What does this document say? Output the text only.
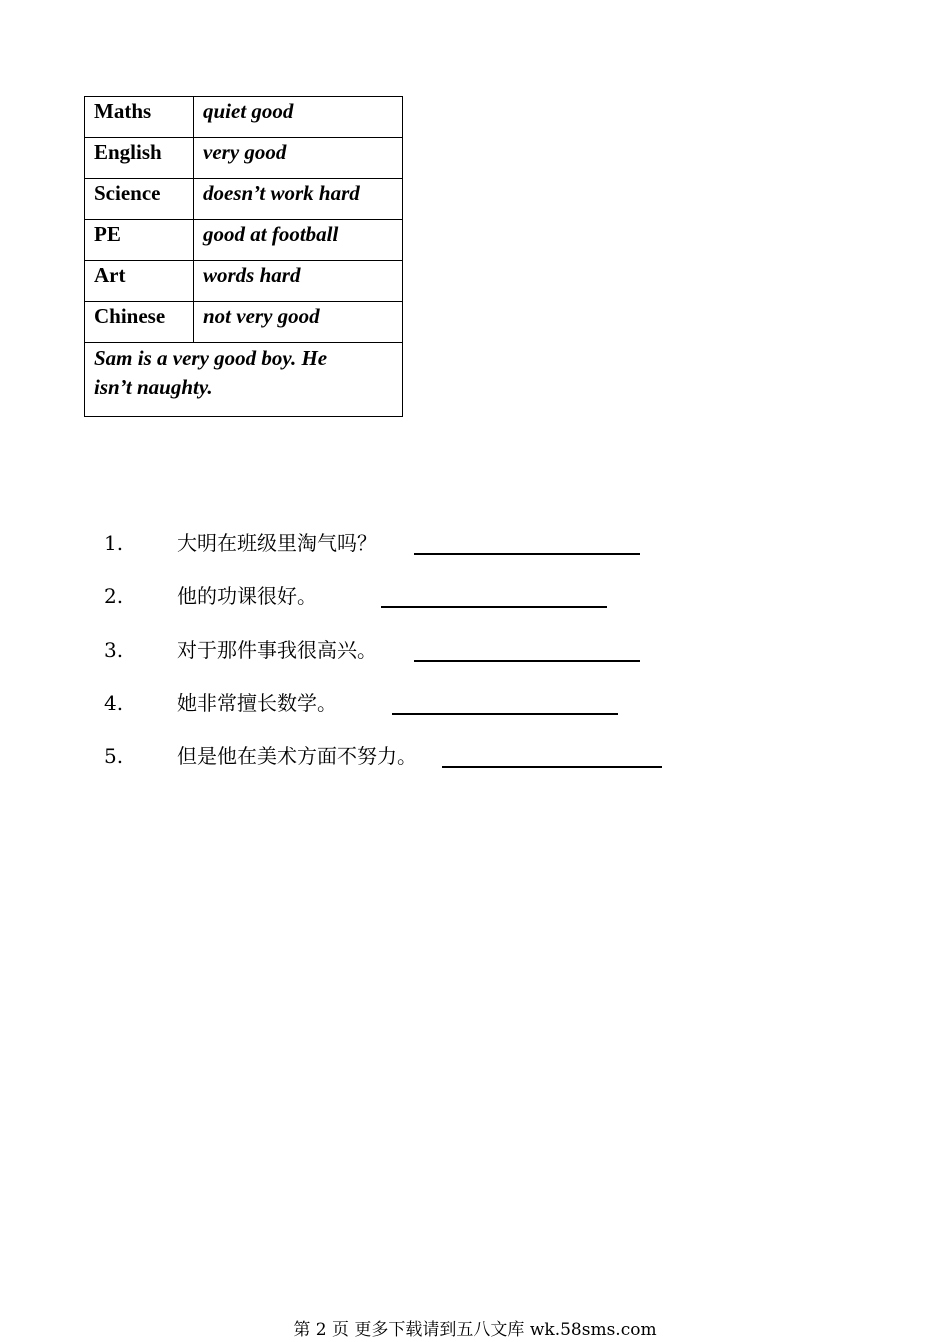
Maths	quiet good
English	very good
Science	doesn’t work hard
PE	good at football
Art	words hard
Chinese	not very good
Sam is a very good boy. He
isn’t naughty.	
1.	大明在班级里淘气吗？
2.	他的功课很好。
3.	对于那件事我很高兴。
4.	她非常擅长数学。
5.	但是他在美术方面不努力。
第 2 页 更多下载请到五八文库 wk.58sms.com
